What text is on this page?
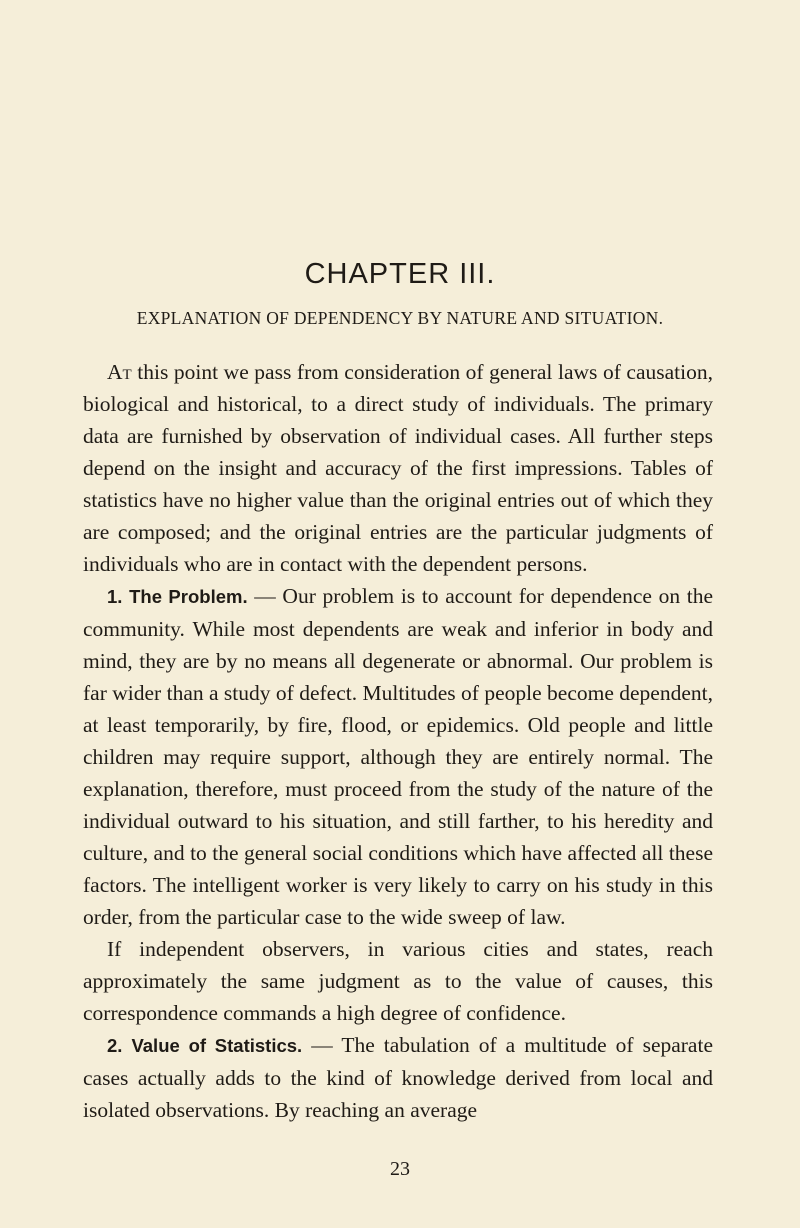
CHAPTER III.
EXPLANATION OF DEPENDENCY BY NATURE AND SITUATION.

At this point we pass from consideration of general laws of causation, biological and historical, to a direct study of individuals. The primary data are furnished by observation of individual cases. All further steps depend on the insight and accuracy of the first impressions. Tables of statistics have no higher value than the original entries out of which they are composed; and the original entries are the particular judgments of individuals who are in contact with the dependent persons.

1. The Problem. — Our problem is to account for dependence on the community. While most dependents are weak and inferior in body and mind, they are by no means all degenerate or abnormal. Our problem is far wider than a study of defect. Multitudes of people become dependent, at least temporarily, by fire, flood, or epidemics. Old people and little children may require support, although they are entirely normal. The explanation, therefore, must proceed from the study of the nature of the individual outward to his situation, and still farther, to his heredity and culture, and to the general social conditions which have affected all these factors. The intelligent worker is very likely to carry on his study in this order, from the particular case to the wide sweep of law.

If independent observers, in various cities and states, reach approximately the same judgment as to the value of causes, this correspondence commands a high degree of confidence.

2. Value of Statistics. — The tabulation of a multitude of separate cases actually adds to the kind of knowledge derived from local and isolated observations. By reaching an average

23
